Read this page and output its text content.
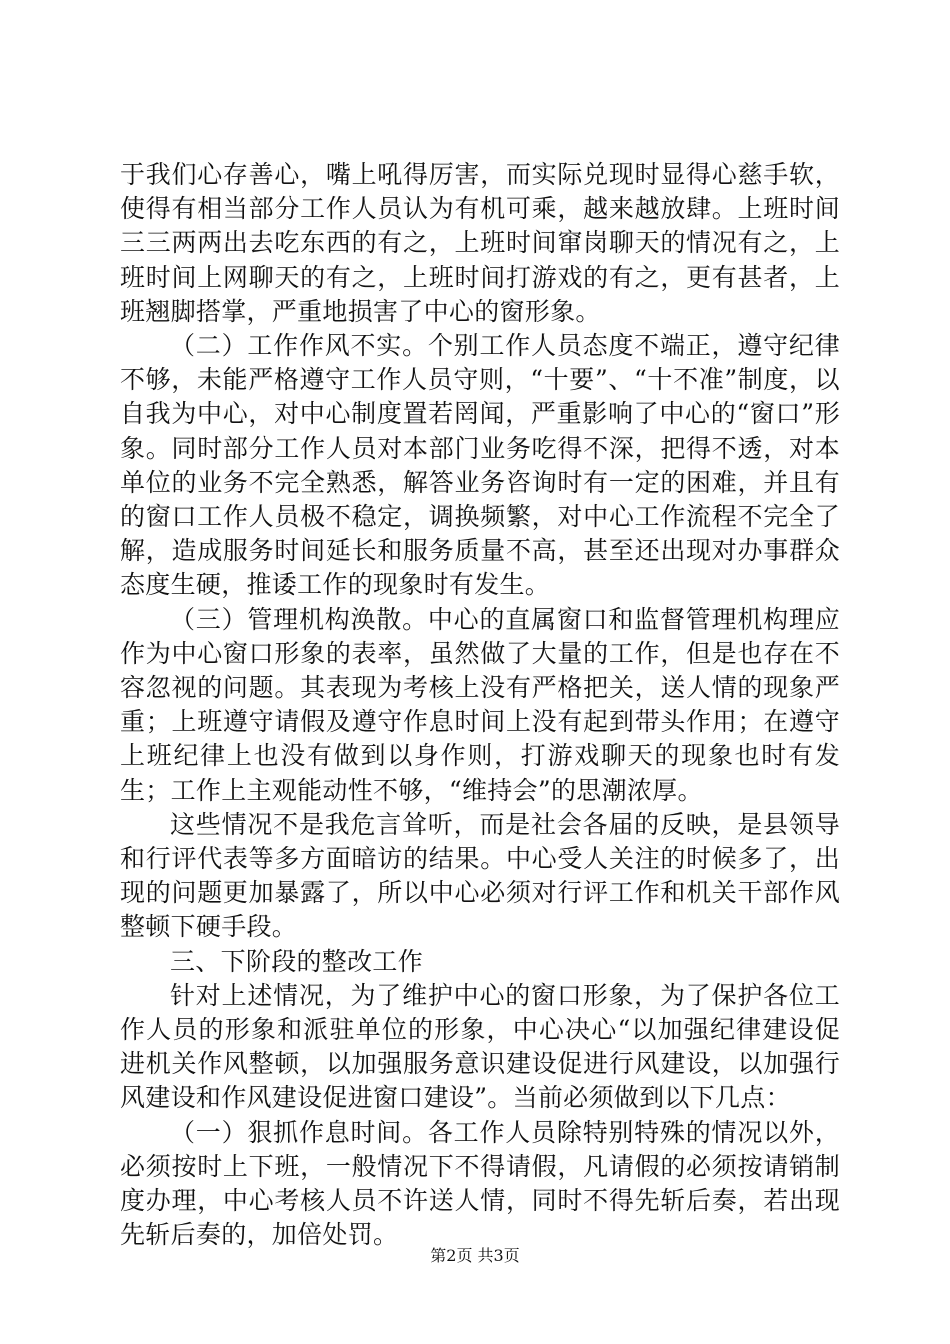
于我们心存善心，嘴上吼得厉害，而实际兑现时显得心慈手软，使得有相当部分工作人员认为有机可乘，越来越放肆。上班时间三三两两出去吃东西的有之，上班时间窜岗聊天的情况有之，上班时间上网聊天的有之，上班时间打游戏的有之，更有甚者，上班翘脚搭掌，严重地损害了中心的窗形象。

（二）工作作风不实。个别工作人员态度不端正，遵守纪律不够，未能严格遵守工作人员守则，“十要”、“十不准”制度，以自我为中心，对中心制度置若罔闻，严重影响了中心的“窗口”形象。同时部分工作人员对本部门业务吃得不深，把得不透，对本单位的业务不完全熟悉，解答业务咨询时有一定的困难，并且有的窗口工作人员极不稳定，调换频繁，对中心工作流程不完全了解，造成服务时间延长和服务质量不高，甚至还出现对办事群众态度生硬，推诿工作的现象时有发生。

（三）管理机构涣散。中心的直属窗口和监督管理机构理应作为中心窗口形象的表率，虽然做了大量的工作，但是也存在不容忽视的问题。其表现为考核上没有严格把关，送人情的现象严重；上班遵守请假及遵守作息时间上没有起到带头作用；在遵守上班纪律上也没有做到以身作则，打游戏聊天的现象也时有发生；工作上主观能动性不够，“维持会”的思潮浓厚。

这些情况不是我危言耸听，而是社会各届的反映，是县领导和行评代表等多方面暗访的结果。中心受人关注的时候多了，出现的问题更加暴露了，所以中心必须对行评工作和机关干部作风整顿下硬手段。

三、下阶段的整改工作

针对上述情况，为了维护中心的窗口形象，为了保护各位工作人员的形象和派驻单位的形象，中心决心“以加强纪律建设促进机关作风整顿，以加强服务意识建设促进行风建设，以加强行风建设和作风建设促进窗口建设”。当前必须做到以下几点：

（一）狠抓作息时间。各工作人员除特别特殊的情况以外，必须按时上下班，一般情况下不得请假，凡请假的必须按请销制度办理，中心考核人员不许送人情，同时不得先斩后奏，若出现先斩后奏的，加倍处罚。

第2页 共3页
